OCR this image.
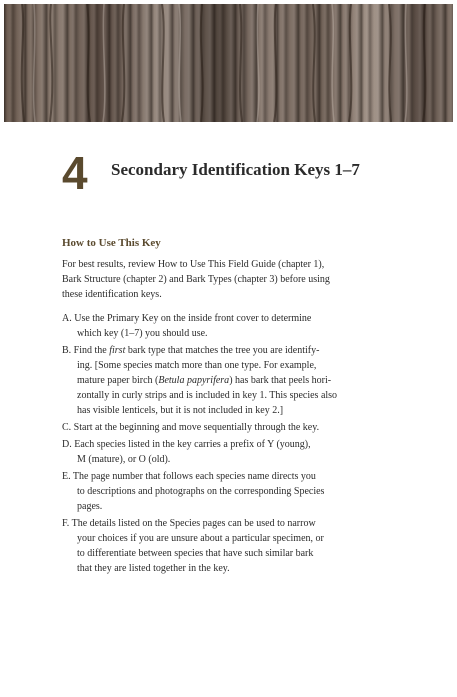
4 Secondary Identification Keys 1–7
How to Use This Key
For best results, review How to Use This Field Guide (chapter 1),
Bark Structure (chapter 2) and Bark Types (chapter 3) before using
these identification keys.
A. Use the Primary Key on the inside front cover to determine
which key (1–7) you should use.
B. Find the first bark type that matches the tree you are identify-
ing. [Some species match more than one type. For example,
mature paper birch (Betula papyrifera) has bark that peels hori-
zontally in curly strips and is included in key 1. This species also
has visible lenticels, but it is not included in key 2.]
C. Start at the beginning and move sequentially through the key.
D. Each species listed in the key carries a prefix of Y (young),
M (mature), or O (old).
E. The page number that follows each species name directs you
to descriptions and photographs on the corresponding Species
pages.
F. The details listed on the Species pages can be used to narrow
your choices if you are unsure about a particular specimen, or
to differentiate between species that have such similar bark
that they are listed together in the key.
